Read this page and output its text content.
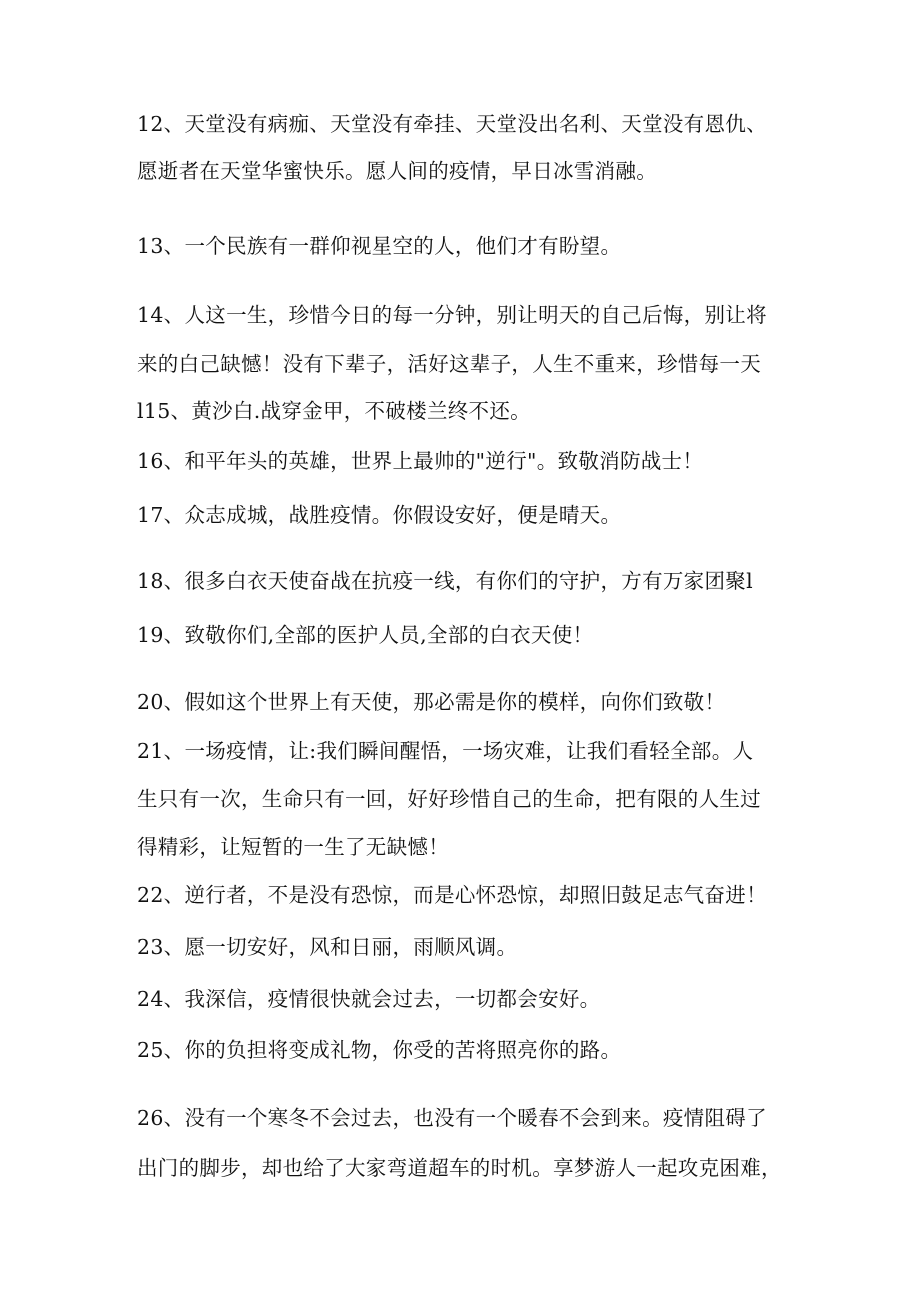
12、天堂没有病痂、天堂没有牵挂、天堂没出名利、天堂没有恩仇、
愿逝者在天堂华蜜快乐。愿人间的疫情，早日冰雪消融。
13、一个民族有一群仰视星空的人，他们才有盼望。
14、人这一生，珍惜今日的每一分钟，别让明天的自己后悔，别让将
来的白己缺憾！没有下辈子，活好这辈子，人生不重来，珍惜每一天
l15、黄沙白.战穿金甲，不破楼兰终不还。
16、和平年头的英雄，世界上最帅的"逆行"。致敬消防战士！
17、众志成城，战胜疫情。你假设安好，便是晴天。
18、很多白衣天使奋战在抗疫一线，有你们的守护，方有万家团聚l
19、致敬你们,全部的医护人员,全部的白衣天使！
20、假如这个世界上有天使，那必需是你的模样，向你们致敬！
21、一场疫情，让:我们瞬间醒悟，一场灾难，让我们看轻全部。人
生只有一次，生命只有一回，好好珍惜自己的生命，把有限的人生过
得精彩，让短暂的一生了无缺憾！
22、逆行者，不是没有恐惊，而是心怀恐惊，却照旧鼓足志气奋进！
23、愿一切安好，风和日丽，雨顺风调。
24、我深信，疫情很快就会过去，一切都会安好。
25、你的负担将变成礼物，你受的苦将照亮你的路。
26、没有一个寒冬不会过去，也没有一个暖春不会到来。疫情阻碍了
出门的脚步，却也给了大家弯道超车的时机。享梦游人一起攻克困难，
